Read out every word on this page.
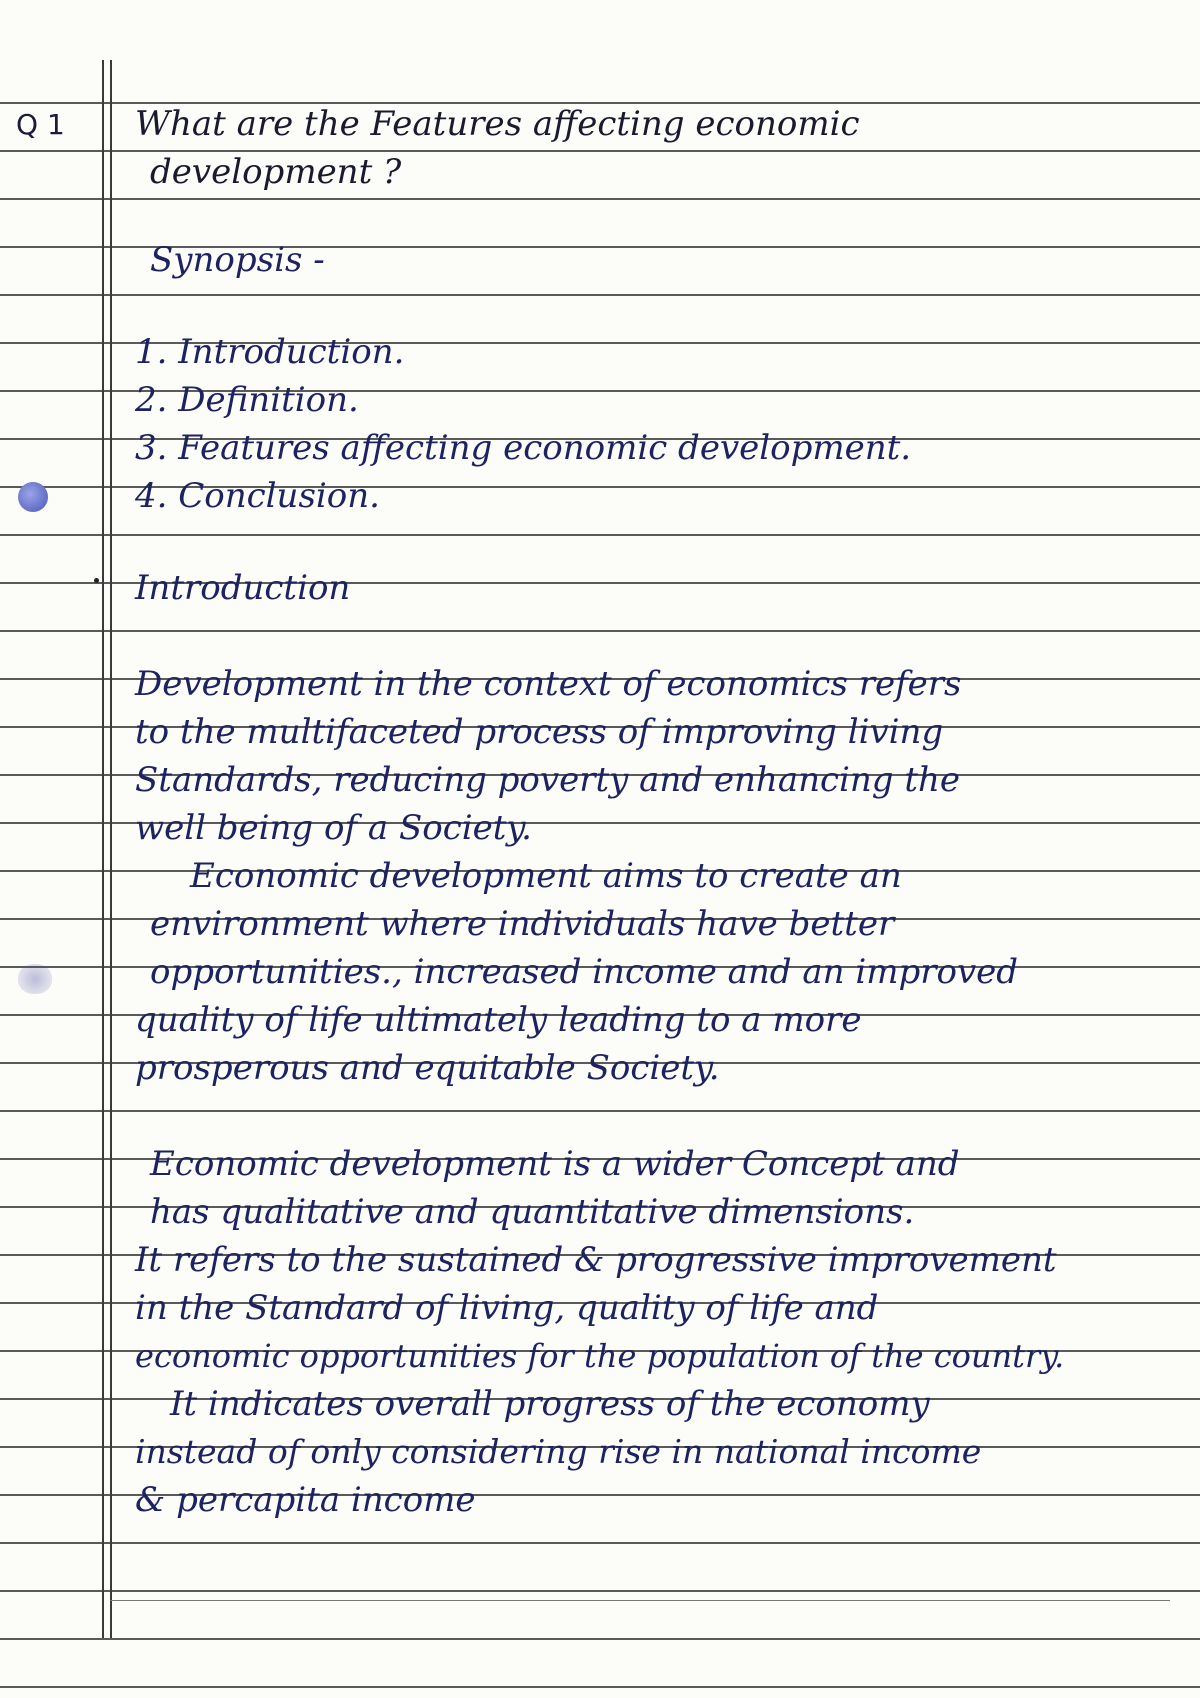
Q 1 What are the Features affecting economic
development ?
Synopsis -
1. Introduction.
2. Definition.
3. Features affecting economic development.
4. Conclusion.
Introduction
Development in the context of economics refers
to the multifaceted process of improving living
Standards, reducing poverty and enhancing the
well being of a Society.
Economic development aims to create an
environment where individuals have better
opportunities., increased income and an improved
quality of life ultimately leading to a more
prosperous and equitable Society.
Economic development is a wider Concept and
has qualitative and quantitative dimensions.
It refers to the sustained & progressive improvement
in the Standard of living, quality of life and
economic opportunities for the population of the country.
It indicates overall progress of the economy
instead of only considering rise in national income
& percapita income
